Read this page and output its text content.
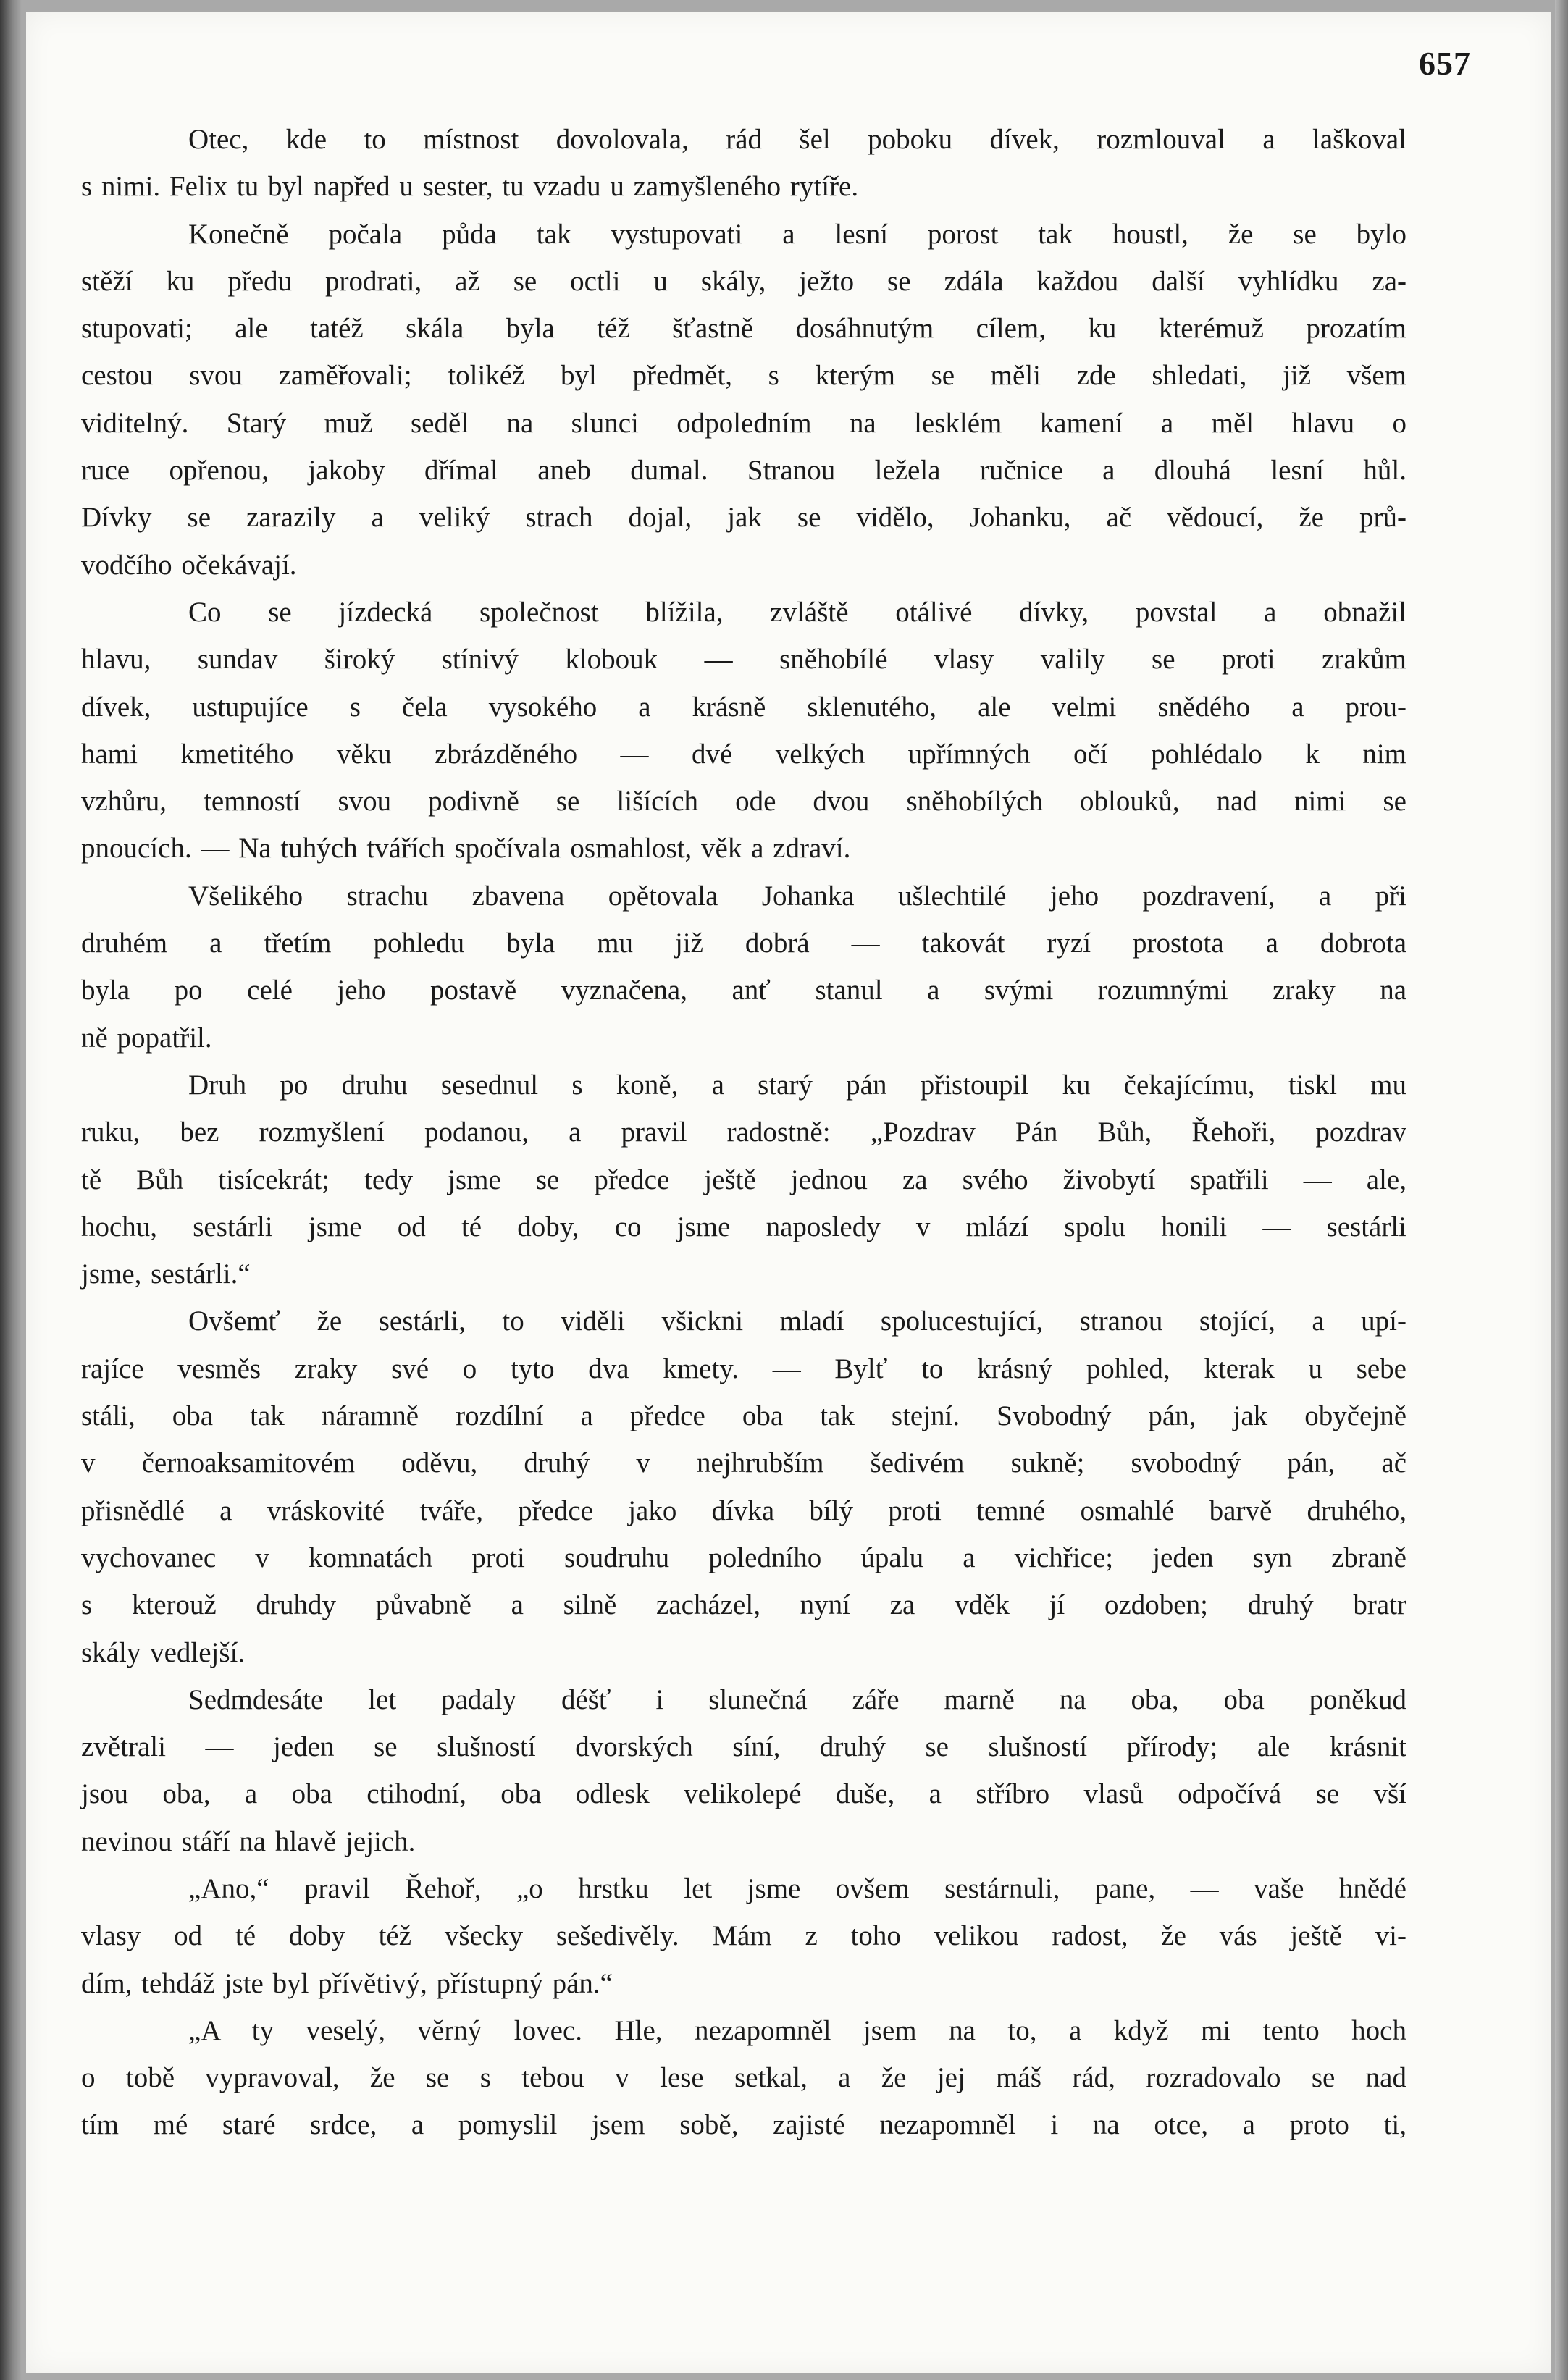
657
Otec, kde to místnost dovolovala, rád šel poboku dívek, rozmlouval a laškoval
s nimi. Felix tu byl napřed u sester, tu vzadu u zamyšleného rytíře.
Konečně počala půda tak vystupovati a lesní porost tak houstl, že se bylo
stěží ku předu prodrati, až se octli u skály, ježto se zdála každou další vyhlídku za-
stupovati; ale tatéž skála byla též šťastně dosáhnutým cílem, ku kterémuž prozatím
cestou svou zaměřovali; tolikéž byl předmět, s kterým se měli zde shledati, již všem
viditelný. Starý muž seděl na slunci odpoledním na lesklém kamení a měl hlavu o
ruce opřenou, jakoby dřímal aneb dumal. Stranou ležela ručnice a dlouhá lesní hůl.
Dívky se zarazily a veliký strach dojal, jak se vidělo, Johanku, ač vědoucí, že prů-
vodčího očekávají.
Co se jízdecká společnost blížila, zvláště otálivé dívky, povstal a obnažil
hlavu, sundav široký stínivý klobouk — sněhobílé vlasy valily se proti zrakům
dívek, ustupujíce s čela vysokého a krásně sklenutého, ale velmi snědého a prou-
hami kmetitého věku zbrázděného — dvé velkých upřímných očí pohlédalo k nim
vzhůru, temností svou podivně se lišících ode dvou sněhobílých oblouků, nad nimi se
pnoucích. — Na tuhých tvářích spočívala osmahlost, věk a zdraví.
Všelikého strachu zbavena opětovala Johanka ušlechtilé jeho pozdravení, a při
druhém a třetím pohledu byla mu již dobrá — takovát ryzí prostota a dobrota
byla po celé jeho postavě vyznačena, anť stanul a svými rozumnými zraky na
ně popatřil.
Druh po druhu sesednul s koně, a starý pán přistoupil ku čekajícímu, tiskl mu
ruku, bez rozmyšlení podanou, a pravil radostně: „Pozdrav Pán Bůh, Řehoři, pozdrav
tě Bůh tisícekrát; tedy jsme se předce ještě jednou za svého živobytí spatřili — ale,
hochu, sestárli jsme od té doby, co jsme naposledy v mlází spolu honili — sestárli
jsme, sestárli.“
Ovšemť že sestárli, to viděli všickni mladí spolucestující, stranou stojící, a upí-
rajíce vesměs zraky své o tyto dva kmety. — Bylť to krásný pohled, kterak u sebe
stáli, oba tak náramně rozdílní a předce oba tak stejní. Svobodný pán, jak obyčejně
v černoaksamitovém oděvu, druhý v nejhrubším šedivém sukně; svobodný pán, ač
přisnědlé a vráskovité tváře, předce jako dívka bílý proti temné osmahlé barvě druhého,
vychovanec v komnatách proti soudruhu poledního úpalu a vichřice; jeden syn zbraně
s kterouž druhdy půvabně a silně zacházel, nyní za vděk jí ozdoben; druhý bratr
skály vedlejší.
Sedmdesáte let padaly déšť i slunečná záře marně na oba, oba poněkud
zvětrali — jeden se slušností dvorských síní, druhý se slušností přírody; ale krásnit
jsou oba, a oba ctihodní, oba odlesk velikolepé duše, a stříbro vlasů odpočívá se vší
nevinou stáří na hlavě jejich.
„Ano,“ pravil Řehoř, „o hrstku let jsme ovšem sestárnuli, pane, — vaše hnědé
vlasy od té doby též všecky sešedivěly. Mám z toho velikou radost, že vás ještě vi-
dím, tehdáž jste byl přívětivý, přístupný pán.“
„A ty veselý, věrný lovec. Hle, nezapomněl jsem na to, a když mi tento hoch
o tobě vypravoval, že se s tebou v lese setkal, a že jej máš rád, rozradovalo se nad
tím mé staré srdce, a pomyslil jsem sobě, zajisté nezapomněl i na otce, a proto ti,
